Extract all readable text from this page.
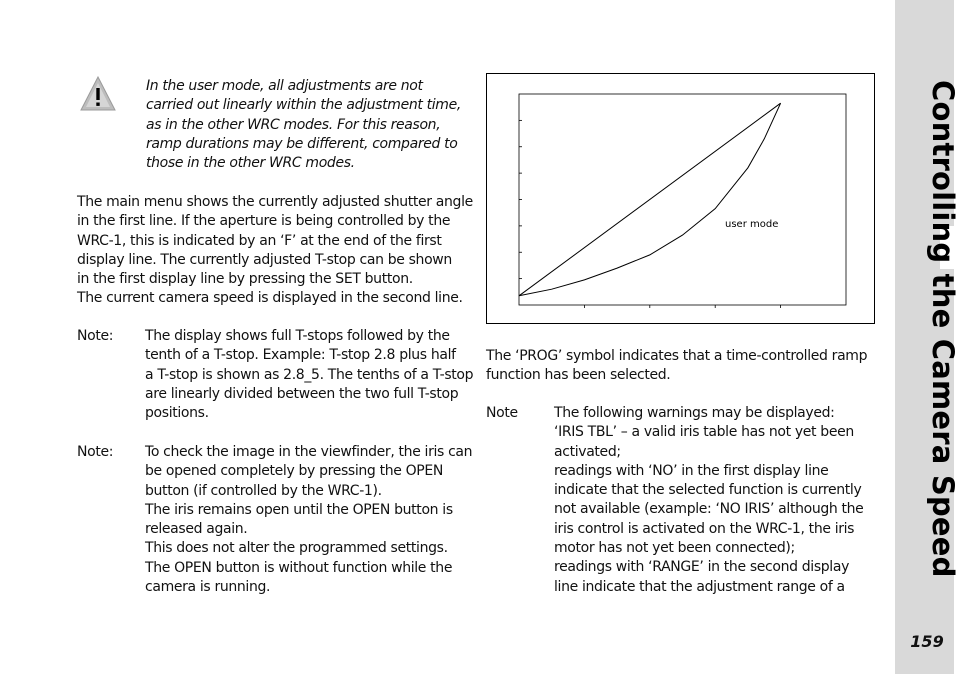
In the user mode, all adjustments are not

carried out linearly within the adjustment time,

as in the other WRC modes. For this reason,

ramp durations may be different, compared to

those in the other WRC modes.

The main menu shows the currently adjusted shutter angle

in the first line. If the aperture is being controlled by the

WRC-1, this is indicated by an ‘F’ at the end of the first

display line. The currently adjusted T-stop can be shown

in the first display line by pressing the SET button.

The current camera speed is displayed in the second line.

Note: The display shows full T-stops followed by the

tenth of a T-stop. Example: T-stop 2.8 plus half

a T-stop is shown as 2.8_5. The tenths of a T-stop

are linearly divided between the two full T-stop

positions.

Note: To check the image in the viewfinder, the iris can

be opened completely by pressing the OPEN

button (if controlled by the WRC-1).

The iris remains open until the OPEN button is

released again.

This does not alter the programmed settings.

The OPEN button is without function while the

camera is running.

user mode

The ‘PROG’ symbol indicates that a time-controlled ramp

function has been selected.

Note	The following warnings may be displayed:

‘IRIS TBL’ – a valid iris table has not yet been

activated;

readings with ‘NO’ in the first display line

indicate that the selected function is currently

not available (example: ‘NO IRIS’ although the

iris control is activated on the WRC-1, the iris

motor has not yet been connected);

readings with ‘RANGE’ in the second display

line indicate that the adjustment range of a

Controlling the Camera Speed
159
